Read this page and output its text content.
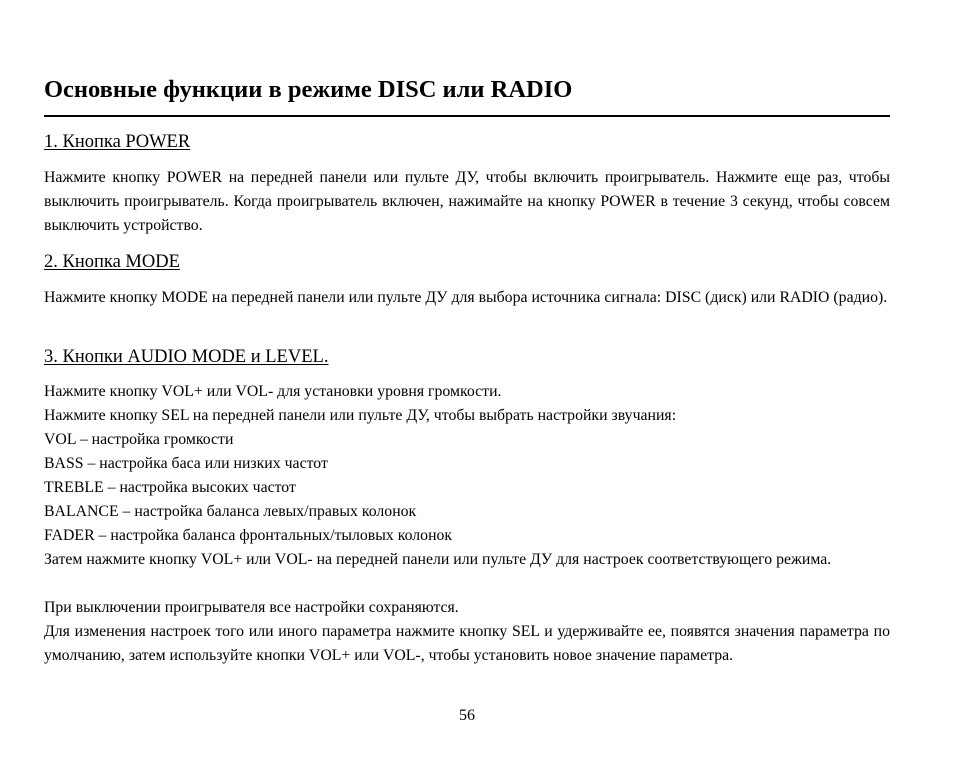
Основные функции в режиме DISC или RADIO
1. Кнопка POWER

Нажмите кнопку POWER на передней панели или пульте ДУ, чтобы включить проигрыватель. Нажмите еще раз, чтобы выключить проигрыватель. Когда проигрыватель включен, нажимайте на кнопку POWER в течение 3 секунд, чтобы совсем выключить устройство.

2. Кнопка MODE

Нажмите кнопку MODE на передней панели или пульте ДУ для выбора источника сигнала: DISC (диск) или RADIO (радио).

3. Кнопки AUDIO MODE и LEVEL.

Нажмите кнопку VOL+ или VOL- для установки уровня громкости.

Нажмите кнопку SEL на передней панели или пульте ДУ, чтобы выбрать настройки звучания:

VOL – настройка громкости

BASS – настройка баса или низких частот

TREBLE – настройка высоких частот

BALANCE – настройка баланса левых/правых колонок

FADER – настройка баланса фронтальных/тыловых колонок

Затем нажмите кнопку VOL+ или VOL- на передней панели или пульте ДУ для настроек соответствующего режима.

При выключении проигрывателя все настройки сохраняются.

Для изменения настроек того или иного параметра нажмите кнопку SEL и удерживайте ее, появятся значения параметра по умолчанию, затем используйте кнопки VOL+ или VOL-, чтобы установить новое значение параметра.

56
